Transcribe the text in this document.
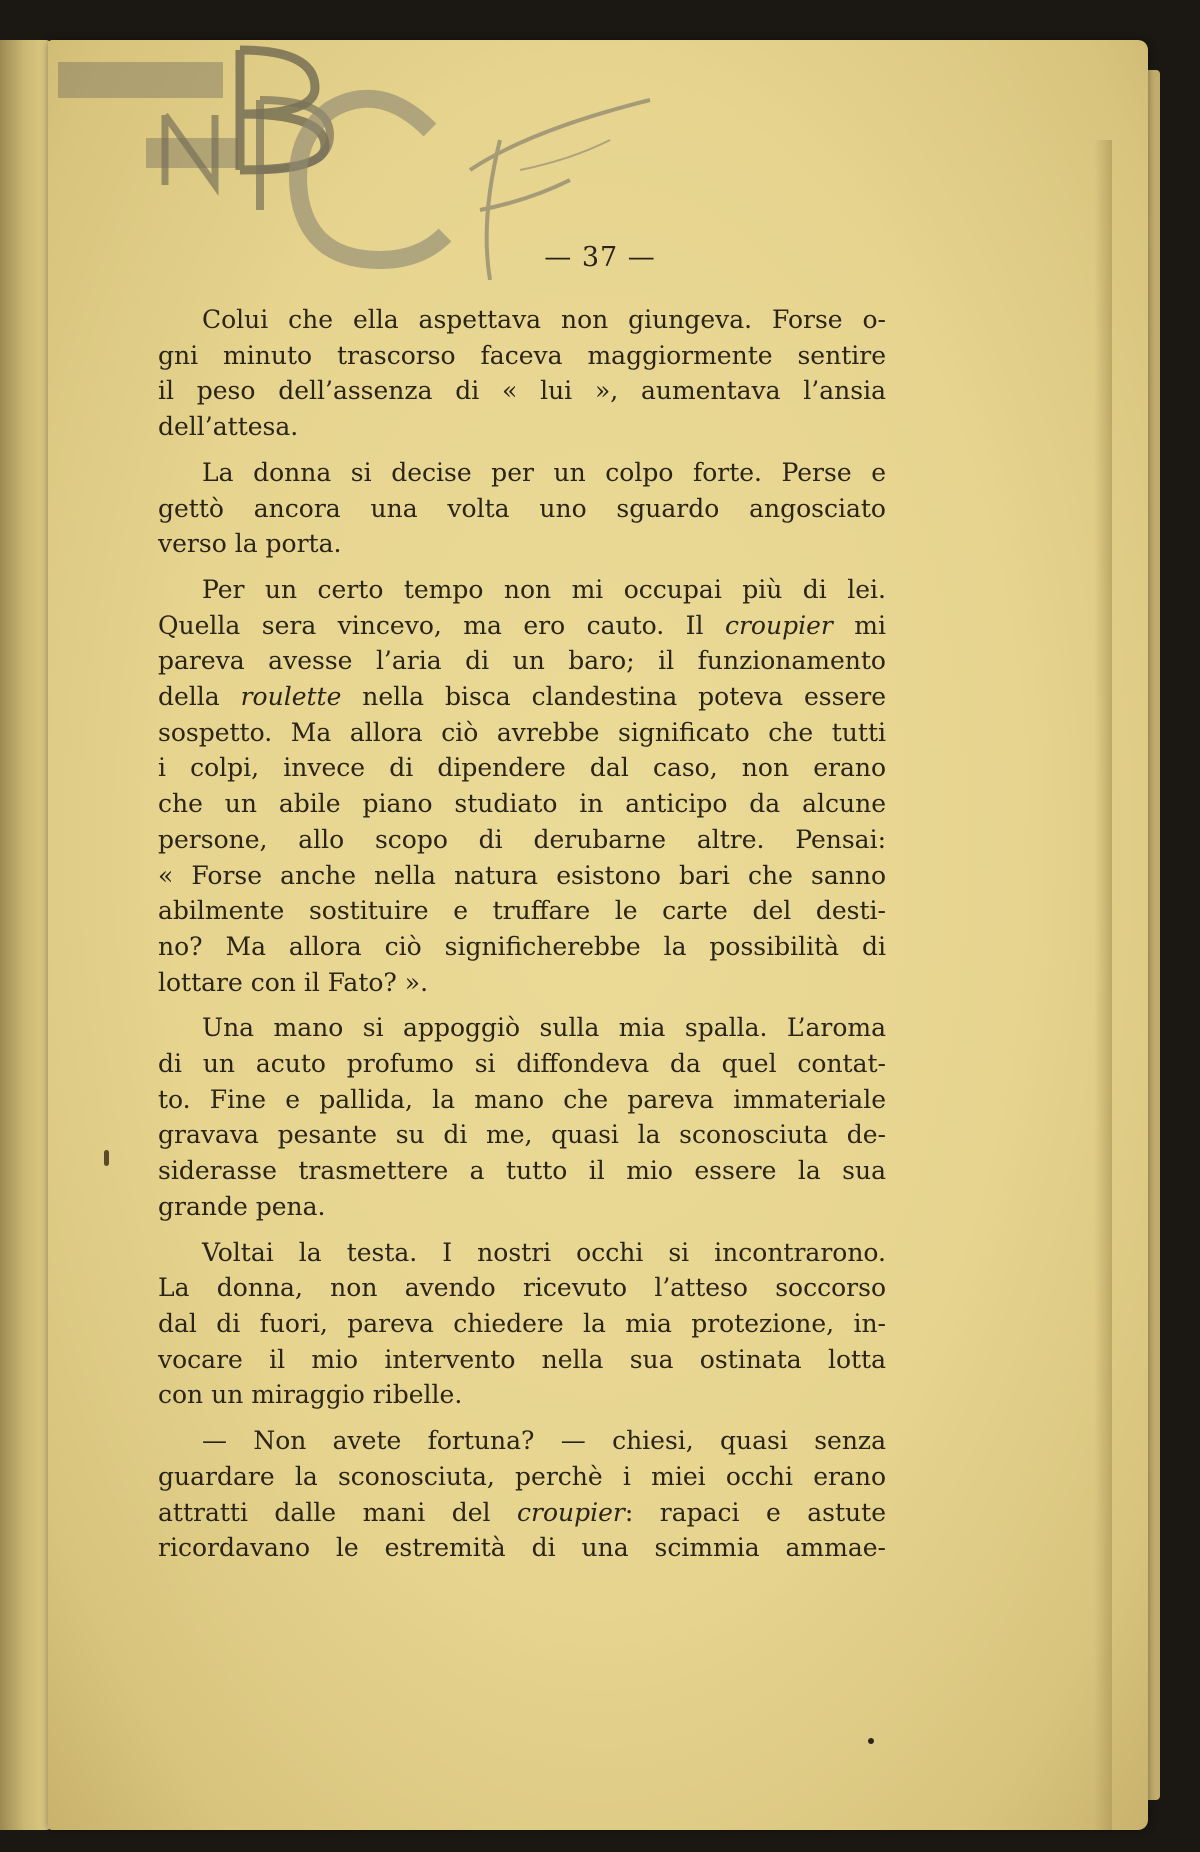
— 37 —
Colui che ella aspettava non giungeva. Forse o-
gni minuto trascorso faceva maggiormente sentire
il peso dell’assenza di « lui », aumentava l’ansia
dell’attesa.
La donna si decise per un colpo forte. Perse e
gettò ancora una volta uno sguardo angosciato
verso la porta.
Per un certo tempo non mi occupai più di lei.
Quella sera vincevo, ma ero cauto. Il croupier mi
pareva avesse l’aria di un baro; il funzionamento
della roulette nella bisca clandestina poteva essere
sospetto. Ma allora ciò avrebbe significato che tutti
i colpi, invece di dipendere dal caso, non erano
che un abile piano studiato in anticipo da alcune
persone, allo scopo di derubarne altre. Pensai:
« Forse anche nella natura esistono bari che sanno
abilmente sostituire e truffare le carte del desti-
no? Ma allora ciò significherebbe la possibilità di
lottare con il Fato? ».
Una mano si appoggiò sulla mia spalla. L’aroma
di un acuto profumo si diffondeva da quel contat-
to. Fine e pallida, la mano che pareva immateriale
gravava pesante su di me, quasi la sconosciuta de-
siderasse trasmettere a tutto il mio essere la sua
grande pena.
Voltai la testa. I nostri occhi si incontrarono.
La donna, non avendo ricevuto l’atteso soccorso
dal di fuori, pareva chiedere la mia protezione, in-
vocare il mio intervento nella sua ostinata lotta
con un miraggio ribelle.
— Non avete fortuna? — chiesi, quasi senza
guardare la sconosciuta, perchè i miei occhi erano
attratti dalle mani del croupier: rapaci e astute
ricordavano le estremità di una scimmia ammae-
